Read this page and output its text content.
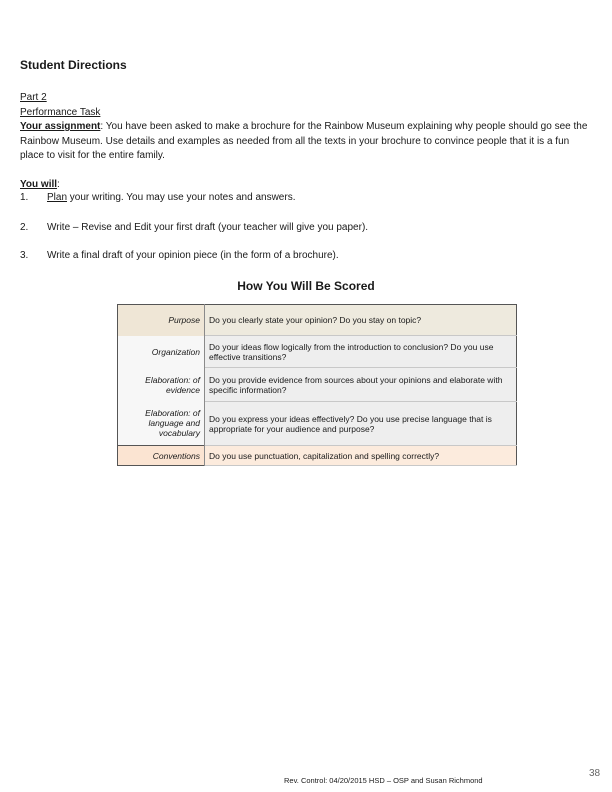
Student Directions
Part 2
Performance Task
Your assignment: You have been asked to make a brochure for the Rainbow Museum explaining why people should go see the Rainbow Museum. Use details and examples as needed from all the texts in your brochure to convince people that it is a fun place to visit for the entire family.
You will:
1. Plan your writing. You may use your notes and answers.
2. Write – Revise and Edit your first draft (your teacher will give you paper).
3. Write a final draft of your opinion piece (in the form of a brochure).
How You Will Be Scored
Purpose	Do you clearly state your opinion? Do you stay on topic?
Organization	Do your ideas flow logically from the introduction to conclusion? Do you use effective transitions?
Elaboration: of evidence	Do you provide evidence from sources about your opinions and elaborate with specific information?
Elaboration: of language and vocabulary	Do you express your ideas effectively? Do you use precise language that is appropriate for your audience and purpose?
Conventions	Do you use punctuation, capitalization and spelling correctly?
Rev. Control: 04/20/2015 HSD – OSP and Susan Richmond
38
